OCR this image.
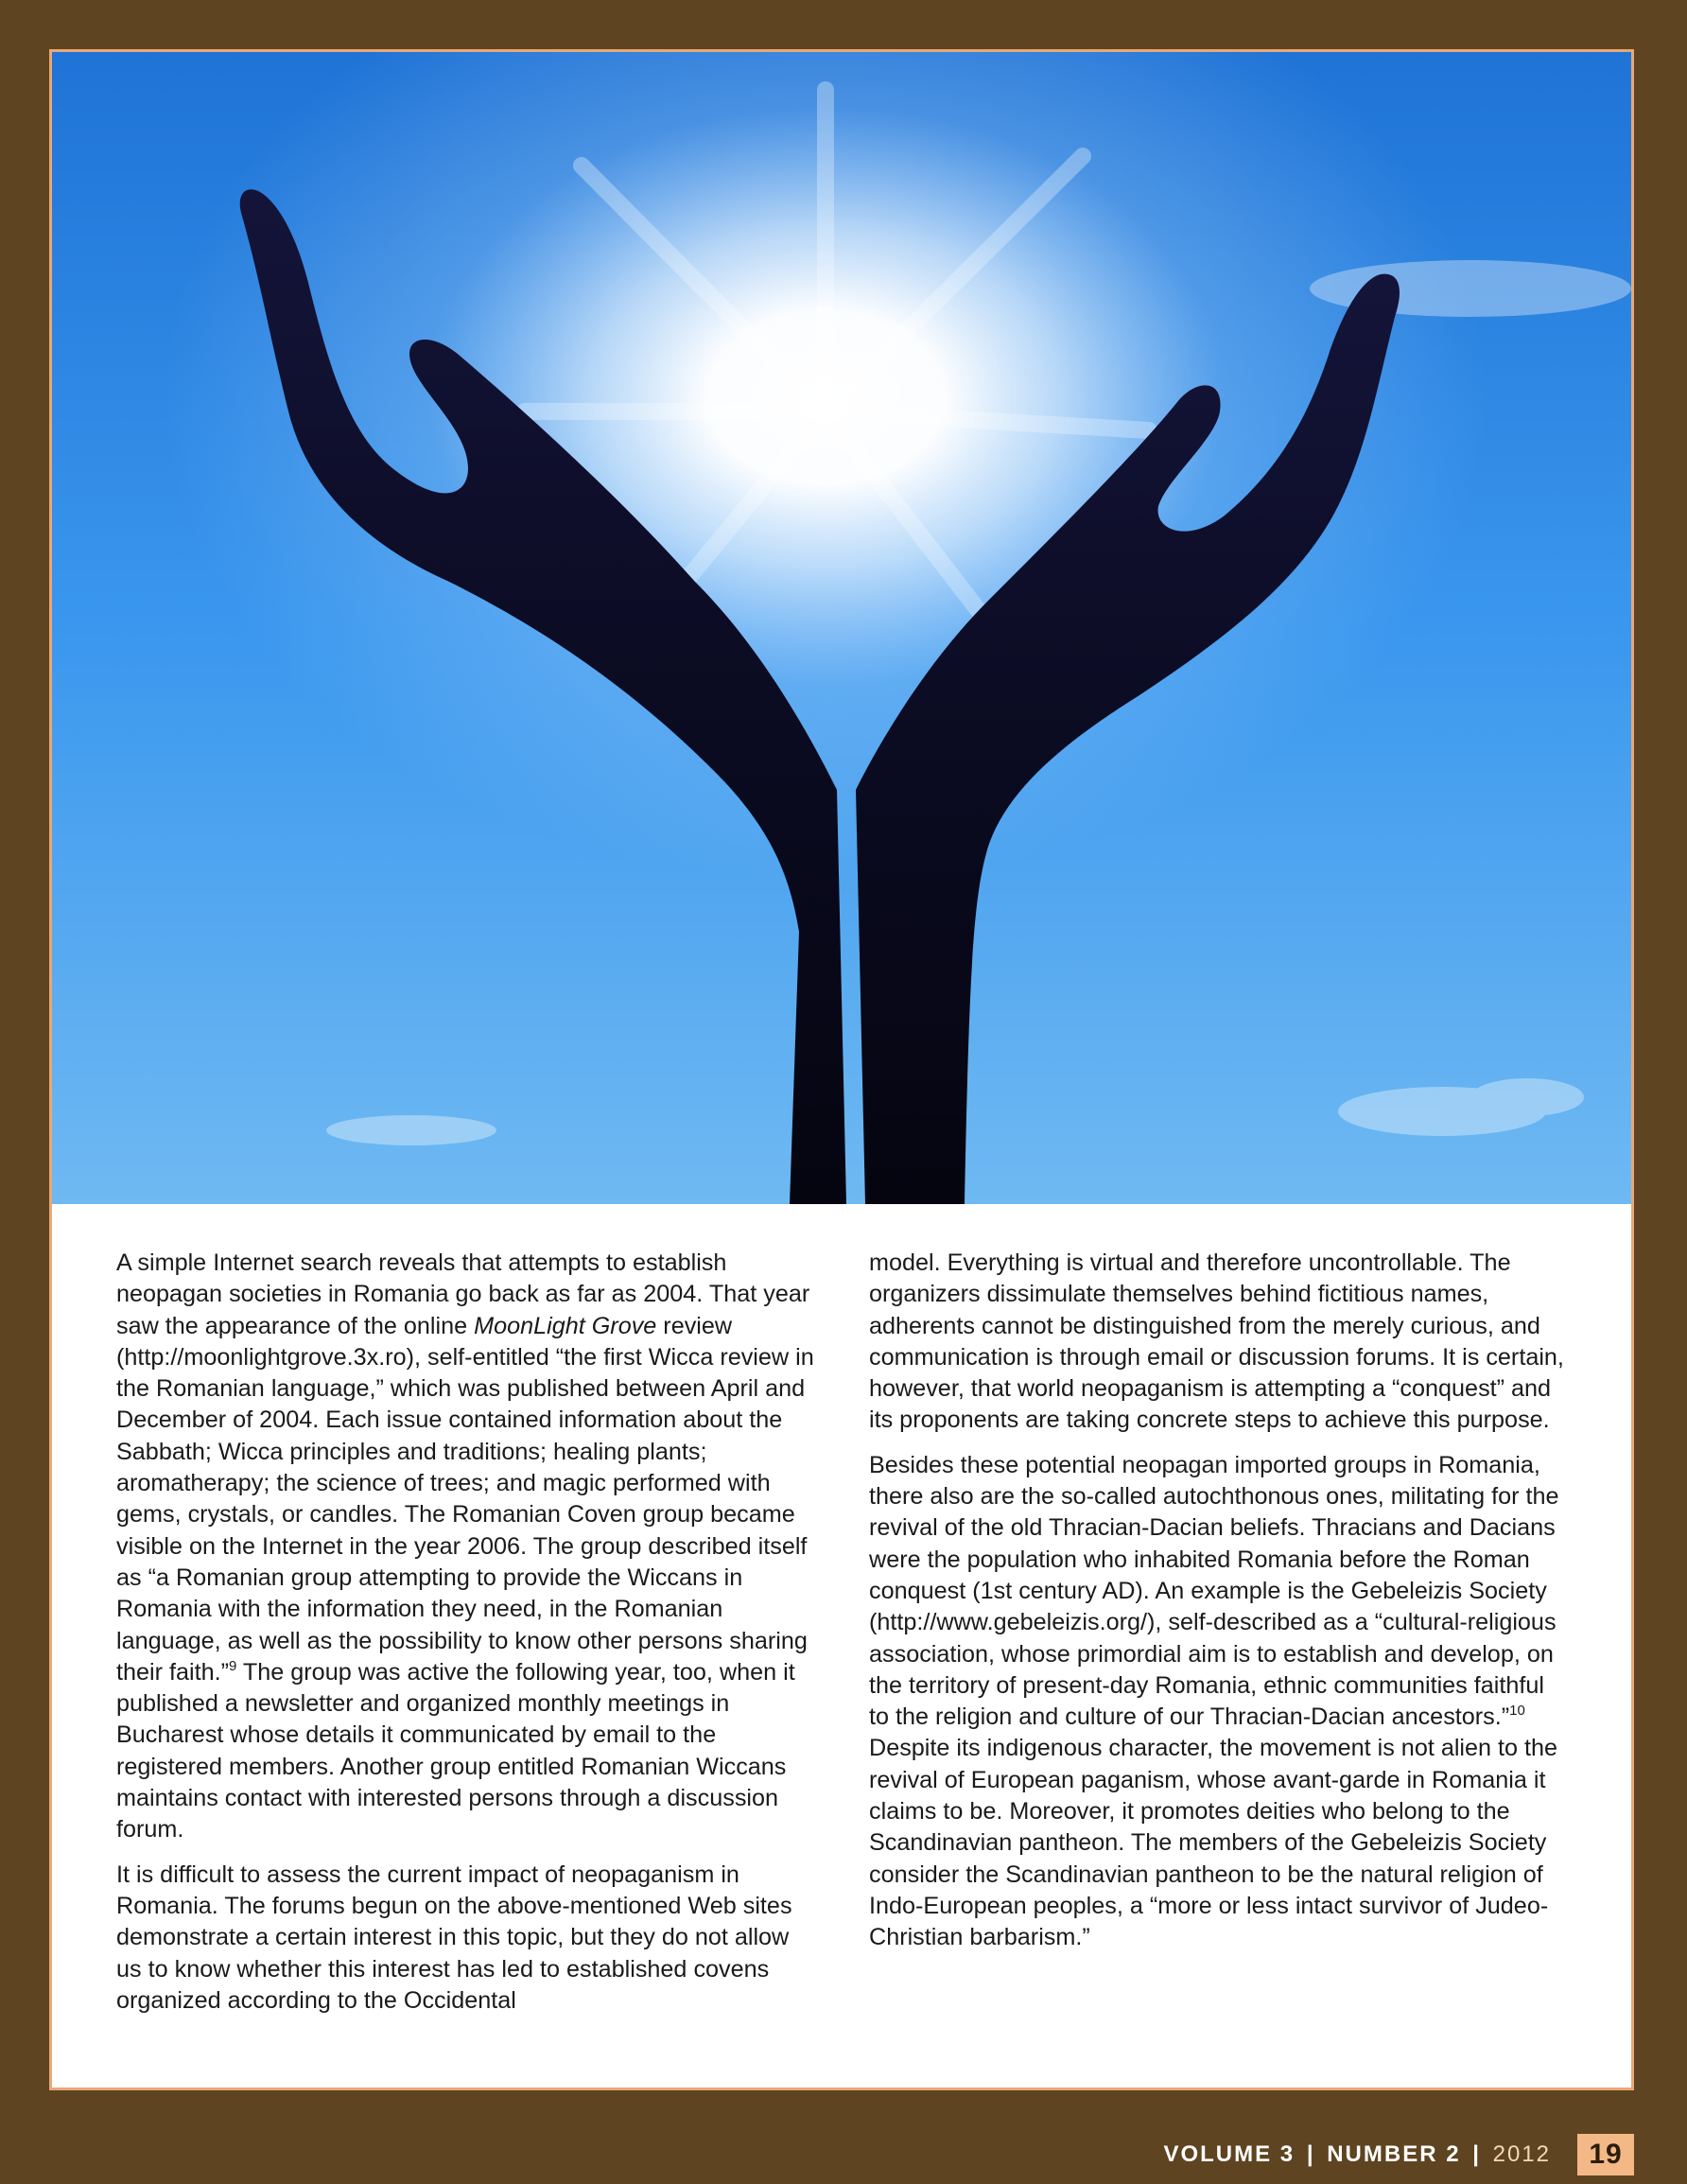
A simple Internet search reveals that attempts to establish neopagan societies in Romania go back as far as 2004. That year saw the appearance of the online MoonLight Grove review (http://moonlightgrove.3x.ro), self-entitled “the first Wicca review in the Romanian language,” which was published between April and December of 2004. Each issue contained information about the Sabbath; Wicca principles and traditions; healing plants; aromatherapy; the science of trees; and magic performed with gems, crystals, or candles. The Romanian Coven group became visible on the Internet in the year 2006. The group described itself as “a Romanian group attempting to provide the Wiccans in Romania with the information they need, in the Romanian language, as well as the possibility to know other persons sharing their faith.”$^9$ The group was active the following year, too, when it published a newsletter and organized monthly meetings in Bucharest whose details it communicated by email to the registered members. Another group entitled Romanian Wiccans maintains contact with interested persons through a discussion forum.

It is difficult to assess the current impact of neopaganism in Romania. The forums begun on the above-mentioned Web sites demonstrate a certain interest in this topic, but they do not allow us to know whether this interest has led to established covens organized according to the Occidental

model. Everything is virtual and therefore uncontrollable. The organizers dissimulate themselves behind fictitious names, adherents cannot be distinguished from the merely curious, and communication is through email or discussion forums. It is certain, however, that world neopaganism is attempting a “conquest” and its proponents are taking concrete steps to achieve this purpose.

Besides these potential neopagan imported groups in Romania, there also are the so-called autochthonous ones, militating for the revival of the old Thracian-Dacian beliefs. Thracians and Dacians were the population who inhabited Romania before the Roman conquest (1st century AD). An example is the Gebeleizis Society (http://www.gebeleizis.org/), self-described as a “cultural-religious association, whose primordial aim is to establish and develop, on the territory of present-day Romania, ethnic communities faithful to the religion and culture of our Thracian-Dacian ancestors.”$^{10}$ Despite its indigenous character, the movement is not alien to the revival of European paganism, whose avant-garde in Romania it claims to be. Moreover, it promotes deities who belong to the Scandinavian pantheon. The members of the Gebeleizis Society consider the Scandinavian pantheon to be the natural religion of Indo-European peoples, a “more or less intact survivor of Judeo-Christian barbarism.”

VOLUME 3 | NUMBER 2 | 2012	19
